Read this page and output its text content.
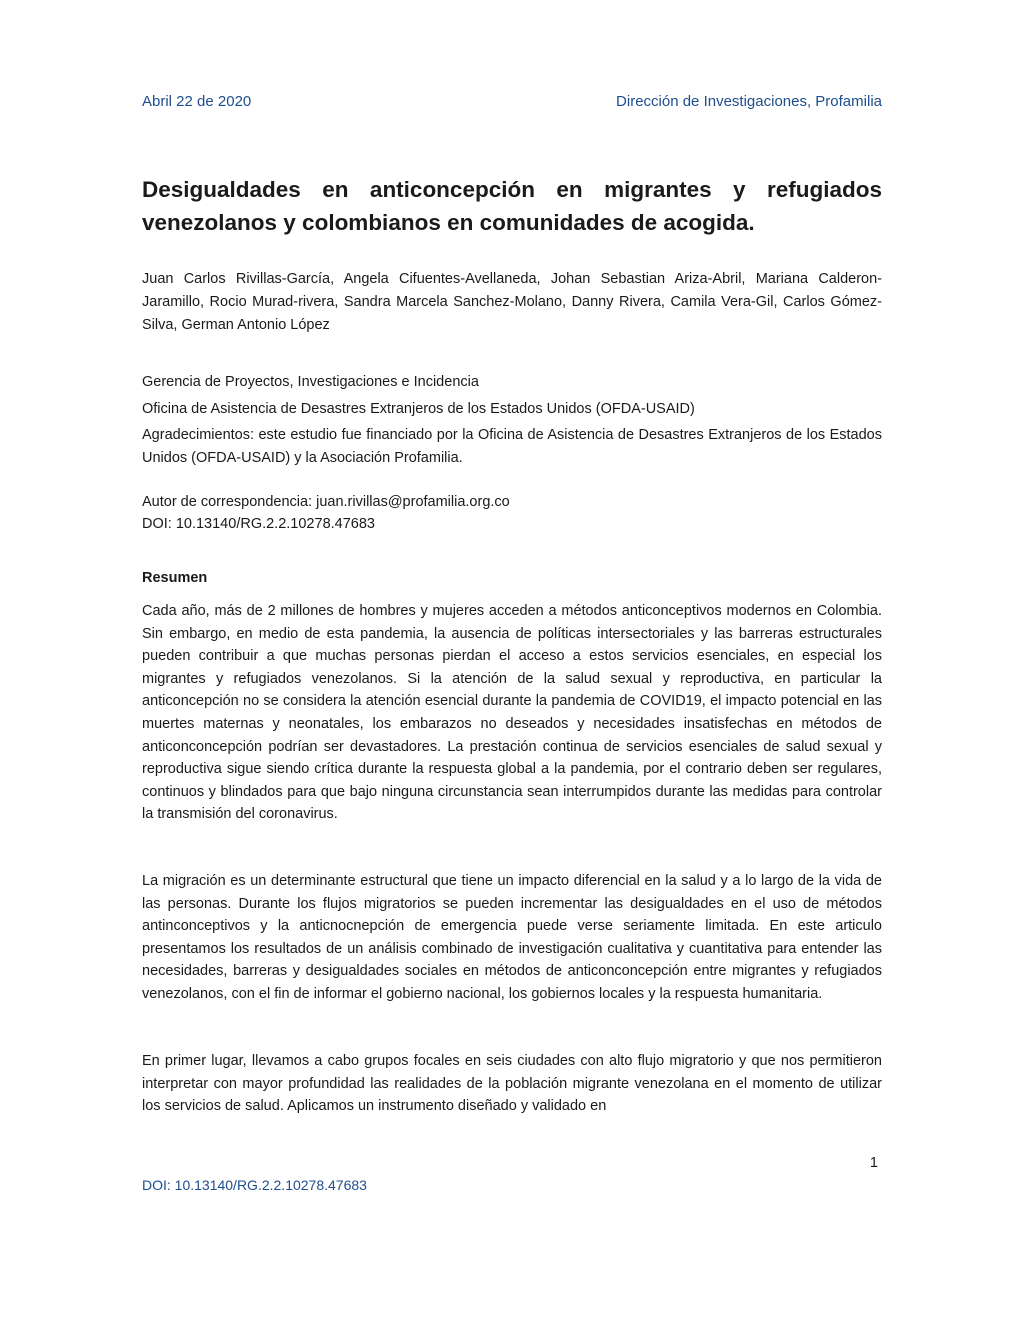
Abril 22 de 2020	Dirección de Investigaciones, Profamilia
Desigualdades en anticoncepción en migrantes y refugiados venezolanos y colombianos en comunidades de acogida.
Juan Carlos Rivillas-García, Angela Cifuentes-Avellaneda, Johan Sebastian Ariza-Abril, Mariana Calderon-Jaramillo, Rocio Murad-rivera, Sandra Marcela Sanchez-Molano, Danny Rivera, Camila Vera-Gil, Carlos Gómez-Silva, German Antonio López
Gerencia de Proyectos, Investigaciones e Incidencia
Oficina de Asistencia de Desastres Extranjeros de los Estados Unidos (OFDA-USAID)
Agradecimientos: este estudio fue financiado por la Oficina de Asistencia de Desastres Extranjeros de los Estados Unidos (OFDA-USAID) y la Asociación Profamilia.
Autor de correspondencia: juan.rivillas@profamilia.org.co
DOI: 10.13140/RG.2.2.10278.47683
Resumen
Cada año, más de 2 millones de hombres y mujeres acceden a métodos anticonceptivos modernos en Colombia. Sin embargo, en medio de esta pandemia, la ausencia de políticas intersectoriales y las barreras estructurales pueden contribuir a que muchas personas pierdan el acceso a estos servicios esenciales, en especial los migrantes y refugiados venezolanos. Si la atención de la salud sexual y reproductiva, en particular la anticoncepción no se considera la atención esencial durante la pandemia de COVID19, el impacto potencial en las muertes maternas y neonatales, los embarazos no deseados y necesidades insatisfechas en métodos de anticonconcepción podrían ser devastadores. La prestación continua de servicios esenciales de salud sexual y reproductiva sigue siendo crítica durante la respuesta global a la pandemia, por el contrario deben ser regulares, continuos y blindados para que bajo ninguna circunstancia sean interrumpidos durante las medidas para controlar la transmisión del coronavirus.
La migración es un determinante estructural que tiene un impacto diferencial en la salud y a lo largo de la vida de las personas. Durante los flujos migratorios se pueden incrementar las desigualdades en el uso de métodos antinconceptivos y la anticnocnepción de emergencia puede verse seriamente limitada. En este articulo presentamos los resultados de un análisis combinado de investigación cualitativa y cuantitativa para entender las necesidades, barreras y desigualdades sociales en métodos de anticonconcepción entre migrantes y refugiados venezolanos, con el fin de informar el gobierno nacional, los gobiernos locales y la respuesta humanitaria.
En primer lugar, llevamos a cabo grupos focales en seis ciudades con alto flujo migratorio y que nos permitieron interpretar con mayor profundidad las realidades de la población migrante venezolana en el momento de utilizar los servicios de salud. Aplicamos un instrumento diseñado y validado en
1
DOI: 10.13140/RG.2.2.10278.47683
